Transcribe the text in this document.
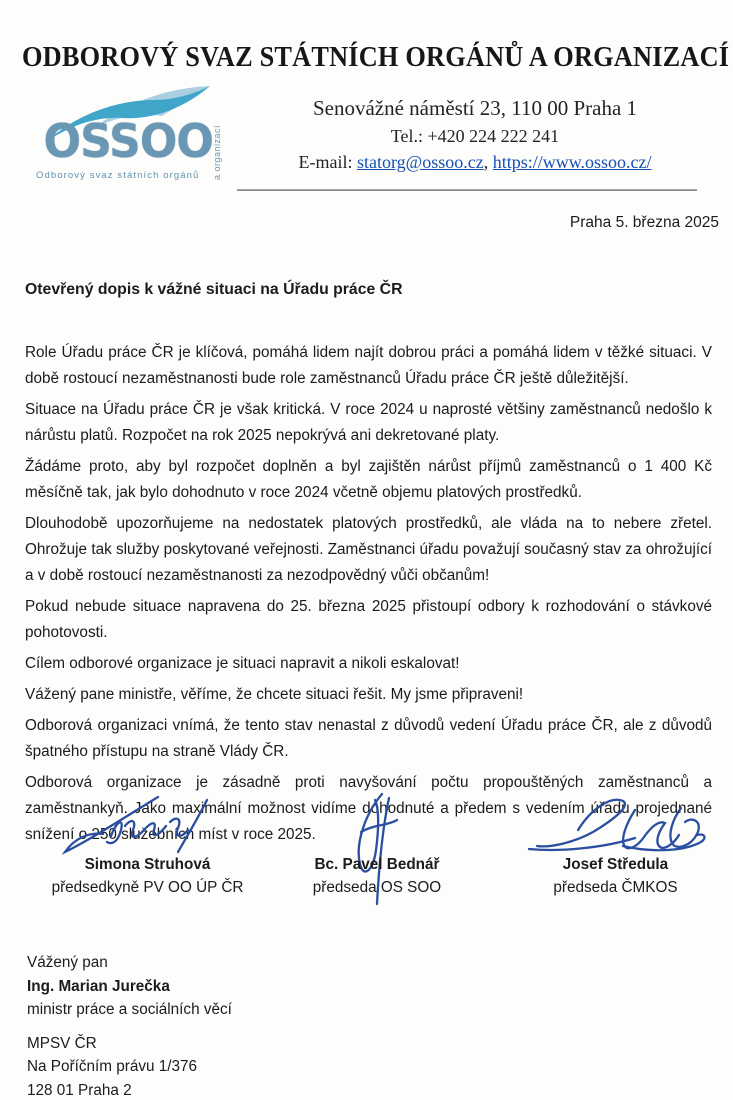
ODBOROVÝ SVAZ STÁTNÍCH ORGÁNŮ A ORGANIZACÍ
OSSOO a organizací
Odborový svaz státních orgánů
Senovážné náměstí 23, 110 00 Praha 1
Tel.: +420 224 222 241
E-mail: statorg@ossoo.cz, https://www.ossoo.cz/
Praha 5. března 2025
Otevřený dopis k vážné situaci na Úřadu práce ČR

Role Úřadu práce ČR je klíčová, pomáhá lidem najít dobrou práci a pomáhá lidem v těžké situaci. V době rostoucí nezaměstnanosti bude role zaměstnanců Úřadu práce ČR ještě důležitější.

Situace na Úřadu práce ČR je však kritická. V roce 2024 u naprosté většiny zaměstnanců nedošlo k nárůstu platů. Rozpočet na rok 2025 nepokrývá ani dekretované platy.

Žádáme proto, aby byl rozpočet doplněn a byl zajištěn nárůst příjmů zaměstnanců o 1 400 Kč měsíčně tak, jak bylo dohodnuto v roce 2024 včetně objemu platových prostředků.

Dlouhodobě upozorňujeme na nedostatek platových prostředků, ale vláda na to nebere zřetel. Ohrožuje tak služby poskytované veřejnosti. Zaměstnanci úřadu považují současný stav za ohrožující a v době rostoucí nezaměstnanosti za nezodpovědný vůči občanům!

Pokud nebude situace napravena do 25. března 2025 přistoupí odbory k rozhodování o stávkové pohotovosti.

Cílem odborové organizace je situaci napravit a nikoli eskalovat!

Vážený pane ministře, věříme, že chcete situaci řešit. My jsme připraveni!

Odborová organizaci vnímá, že tento stav nenastal z důvodů vedení Úřadu práce ČR, ale z důvodů špatného přístupu na straně Vlády ČR.

Odborová organizace je zásadně proti navyšování počtu propouštěných zaměstnanců a zaměstnankyň. Jako maximální možnost vidíme dohodnuté a předem s vedením úřadu projednané snížení o 250 služebních míst v roce 2025.

Simona Struhová
předsedkyně PV OO ÚP ČR
Bc. Pavel Bednář
předseda OS SOO
Josef Středula
předseda ČMKOS
Vážený pan
Ing. Marian Jurečka
ministr práce a sociálních věcí
MPSV ČR
Na Poříčním právu 1/376
128 01 Praha 2
